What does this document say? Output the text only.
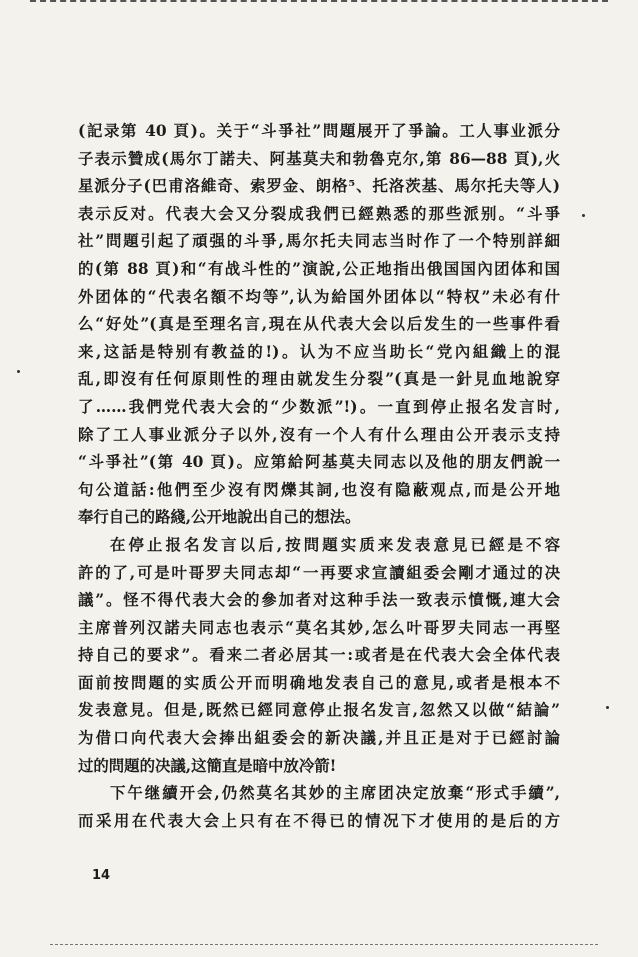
(記录第 40 頁)。关于“斗爭社”問題展开了爭論。工人事业派分
子表示贊成(馬尔丁諾夫、阿基莫夫和勃魯克尔,第 86—88 頁),火
星派分子(巴甫洛維奇、索罗金、朗格⁵、托洛茨基、馬尔托夫等人)
表示反对。代表大会又分裂成我們已經熟悉的那些派别。“斗爭
社”問題引起了頑强的斗爭,馬尔托夫同志当时作了一个特别詳細
的(第 88 頁)和“有战斗性的”演說,公正地指出俄国国內团体和国
外团体的“代表名額不均等”,认为給国外团体以“特权”未必有什
么“好处”(真是至理名言,現在从代表大会以后发生的一些事件看
来,这話是特别有教益的!)。认为不应当助长“党內組織上的混
乱,即沒有任何原則性的理由就发生分裂”(真是一針見血地說穿
了……我們党代表大会的“少数派”!)。一直到停止报名发言时,
除了工人事业派分子以外,沒有一个人有什么理由公开表示支持
“斗爭社”(第 40 頁)。应第給阿基莫夫同志以及他的朋友們說一
句公道話:他們至少沒有閃爍其詞,也沒有隐蔽观点,而是公开地
奉行自己的路綫,公开地說出自己的想法。
在停止报名发言以后,按問題实质来发表意見已經是不容
許的了,可是叶哥罗夫同志却“一再要求宣讀組委会剛才通过的决
議”。怪不得代表大会的參加者对这种手法一致表示憤慨,連大会
主席普列汉諾夫同志也表示“莫名其妙,怎么叶哥罗夫同志一再堅
持自己的要求”。看来二者必居其一:或者是在代表大会全体代表
面前按問題的实质公开而明确地发表自己的意見,或者是根本不
发表意見。但是,既然已經同意停止报名发言,忽然又以做“結論”
为借口向代表大会捧出組委会的新决議,并且正是对于已經討論
过的問題的决議,这簡直是暗中放冷箭!
下午继續开会,仍然莫名其妙的主席团决定放棄“形式手續”,
而采用在代表大会上只有在不得已的情况下才使用的是后的方
14
